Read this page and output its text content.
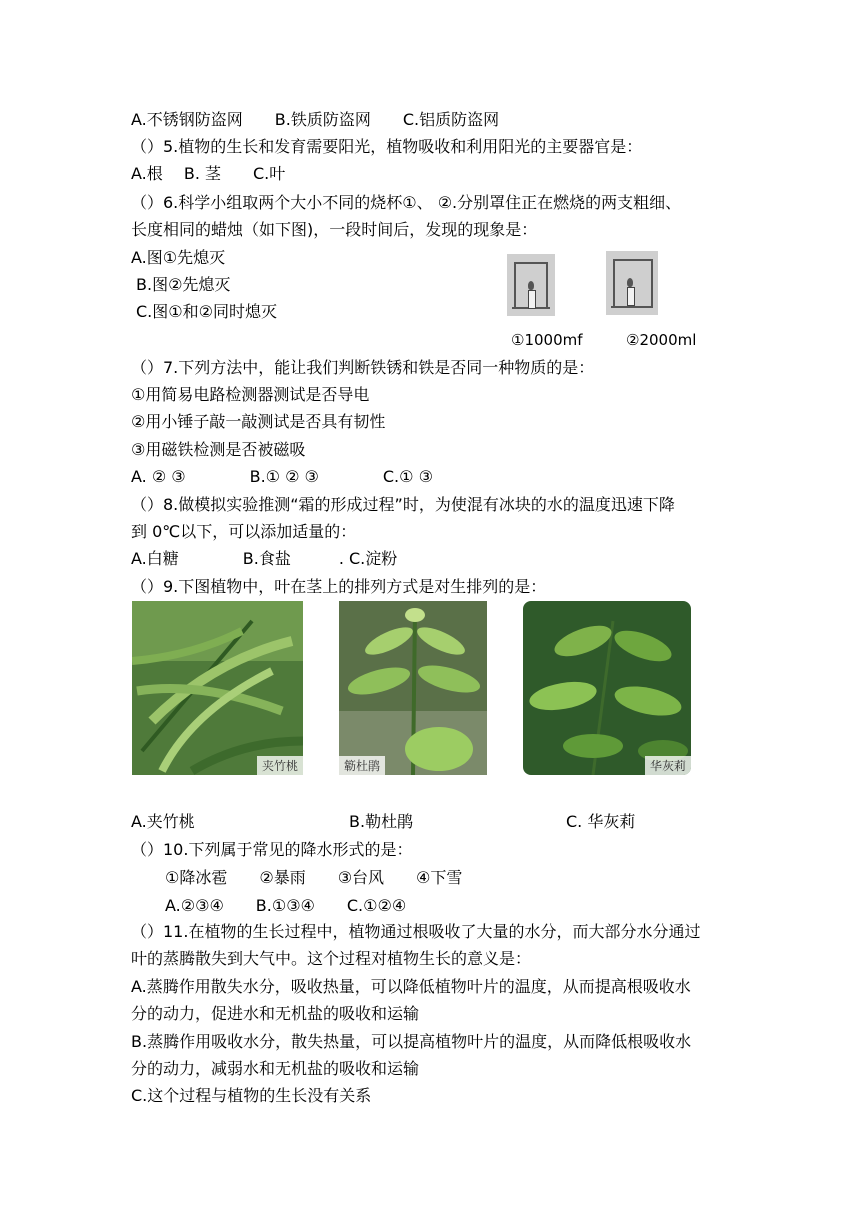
A.不锈钢防盗网　　B.铁质防盗网　　C.铝质防盗网
（）5.植物的生长和发育需要阳光，植物吸收和利用阳光的主要器官是：
A.根　 B. 茎　　C.叶
（）6.科学小组取两个大小不同的烧杯①、 ②.分别罩住正在燃烧的两支粗细、
长度相同的蜡烛（如下图)，一段时间后，发现的现象是：
A.图①先熄灭
B.图②先熄灭
C.图①和②同时熄灭
①1000mf	②2000ml
（）7.下列方法中，能让我们判断铁锈和铁是否同一种物质的是：
①用简易电路检测器测试是否导电
②用小锤子敲一敲测试是否具有韧性
③用磁铁检测是否被磁吸
A. ② ③　　　　B.① ② ③　　　　C.① ③
（）8.做模拟实验推测“霜的形成过程”时，为使混有冰块的水的温度迅速下降
到 0℃以下，可以添加适量的：
A.白糖　　　　B.食盐　　　. C.淀粉
（）9.下图植物中，叶在茎上的排列方式是对生排列的是：
夹竹桃	簕杜鹃	华灰莉
A.夹竹桃	B.勒杜鹃	C. 华灰莉
（）10.下列属于常见的降水形式的是：
①降冰雹　　②暴雨　　③台风　　④下雪
A.②③④　　B.①③④　　C.①②④
（）11.在植物的生长过程中，植物通过根吸收了大量的水分，而大部分水分通过
叶的蒸腾散失到大气中。这个过程对植物生长的意义是：
A.蒸腾作用散失水分，吸收热量，可以降低植物叶片的温度，从而提高根吸收水
分的动力，促进水和无机盐的吸收和运输
B.蒸腾作用吸收水分，散失热量，可以提高植物叶片的温度，从而降低根吸收水
分的动力，减弱水和无机盐的吸收和运输
C.这个过程与植物的生长没有关系
